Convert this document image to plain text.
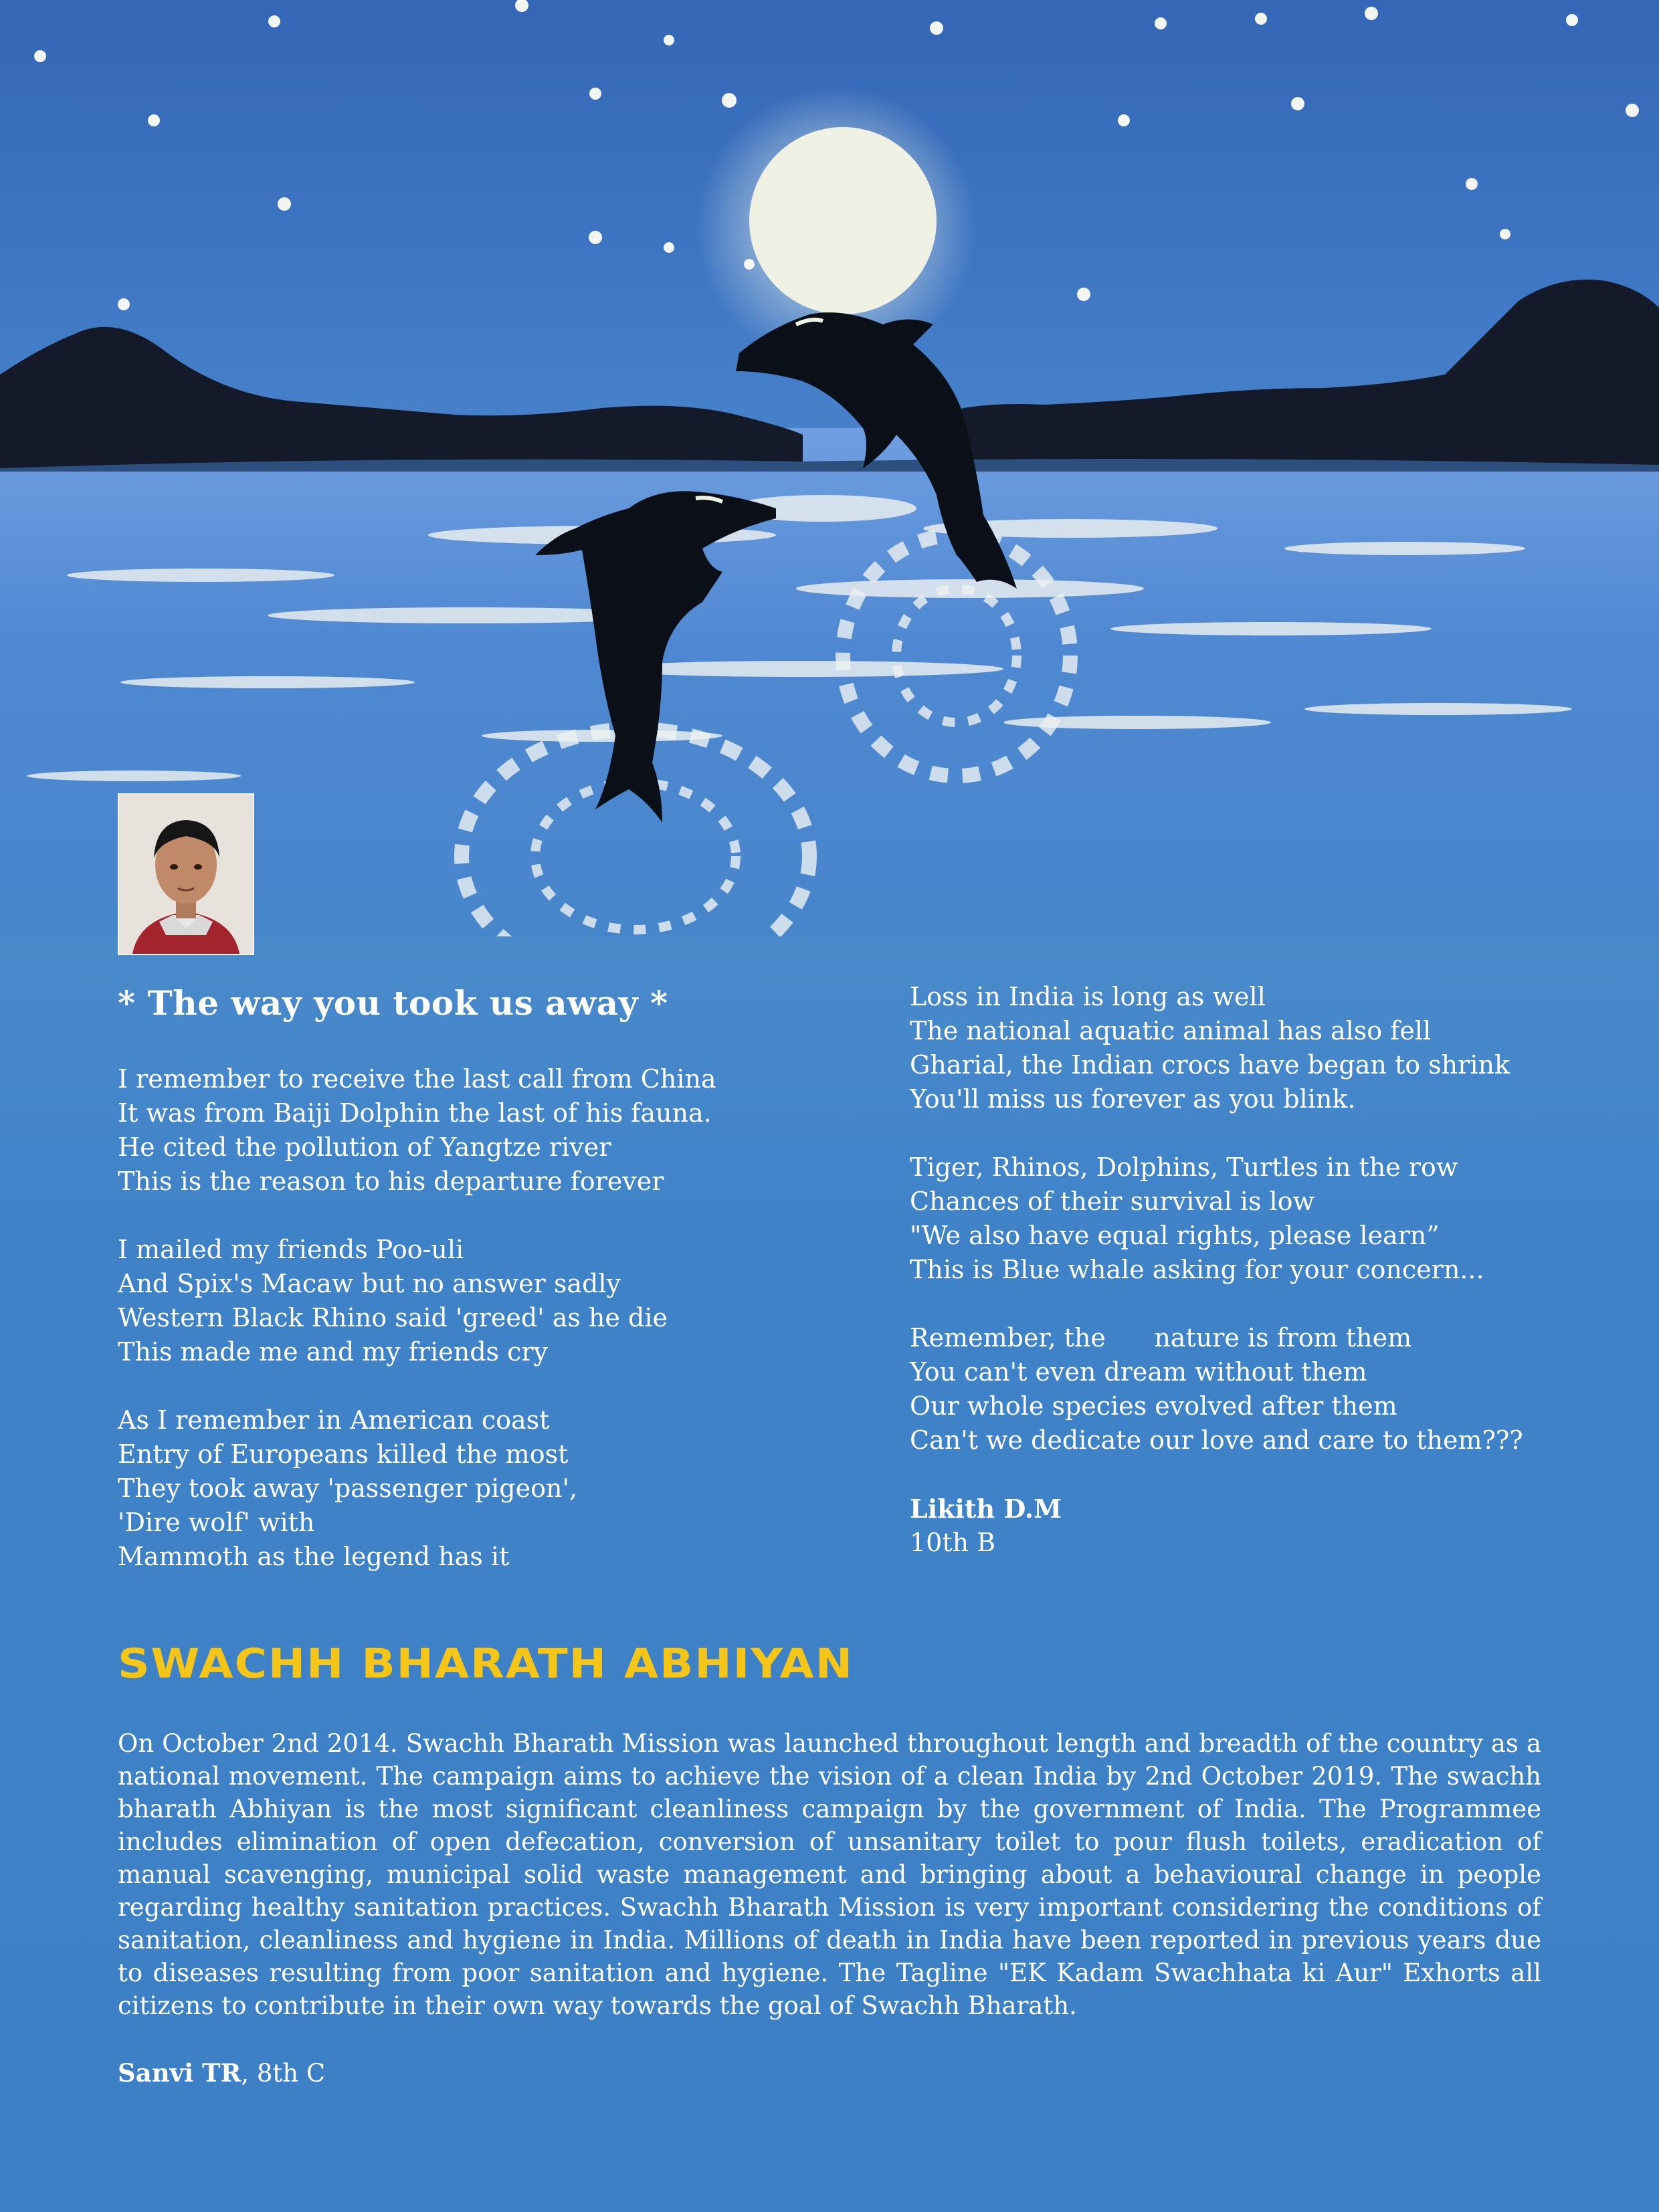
* The way you took us away *
I remember to receive the last call from China
It was from Baiji Dolphin the last of his fauna.
He cited the pollution of Yangtze river
This is the reason to his departure forever
I mailed my friends Poo-uli
And Spix's Macaw but no answer sadly
Western Black Rhino said 'greed' as he die
This made me and my friends cry
As I remember in American coast
Entry of Europeans killed the most
They took away 'passenger pigeon',
'Dire wolf' with
Mammoth as the legend has it
Loss in India is long as well
The national aquatic animal has also fell
Gharial, the Indian crocs have began to shrink
You'll miss us forever as you blink.
Tiger, Rhinos, Dolphins, Turtles in the row
Chances of their survival is low
"We also have equal rights, please learn”
This is Blue whale asking for your concern...
Remember, the      nature is from them
You can't even dream without them
Our whole species evolved after them
Can't we dedicate our love and care to them???
Likith D.M
10th B
SWACHH BHARATH ABHIYAN

On October 2nd 2014. Swachh Bharath Mission was launched throughout length and breadth of the country as a national movement. The campaign aims to achieve the vision of a clean India by 2nd October 2019. The swachh bharath Abhiyan is the most significant cleanliness campaign by the government of India. The Programmee includes elimination of open defecation, conversion of unsanitary toilet to pour flush toilets, eradication of manual scavenging, municipal solid waste management and bringing about a behavioural change in people regarding healthy sanitation practices. Swachh Bharath Mission is very important considering the conditions of sanitation, cleanliness and hygiene in India. Millions of death in India have been reported in previous years due to diseases resulting from poor sanitation and hygiene. The Tagline "EK Kadam Swachhata ki Aur" Exhorts all citizens to contribute in their own way towards the goal of Swachh Bharath.

Sanvi TR, 8th C
